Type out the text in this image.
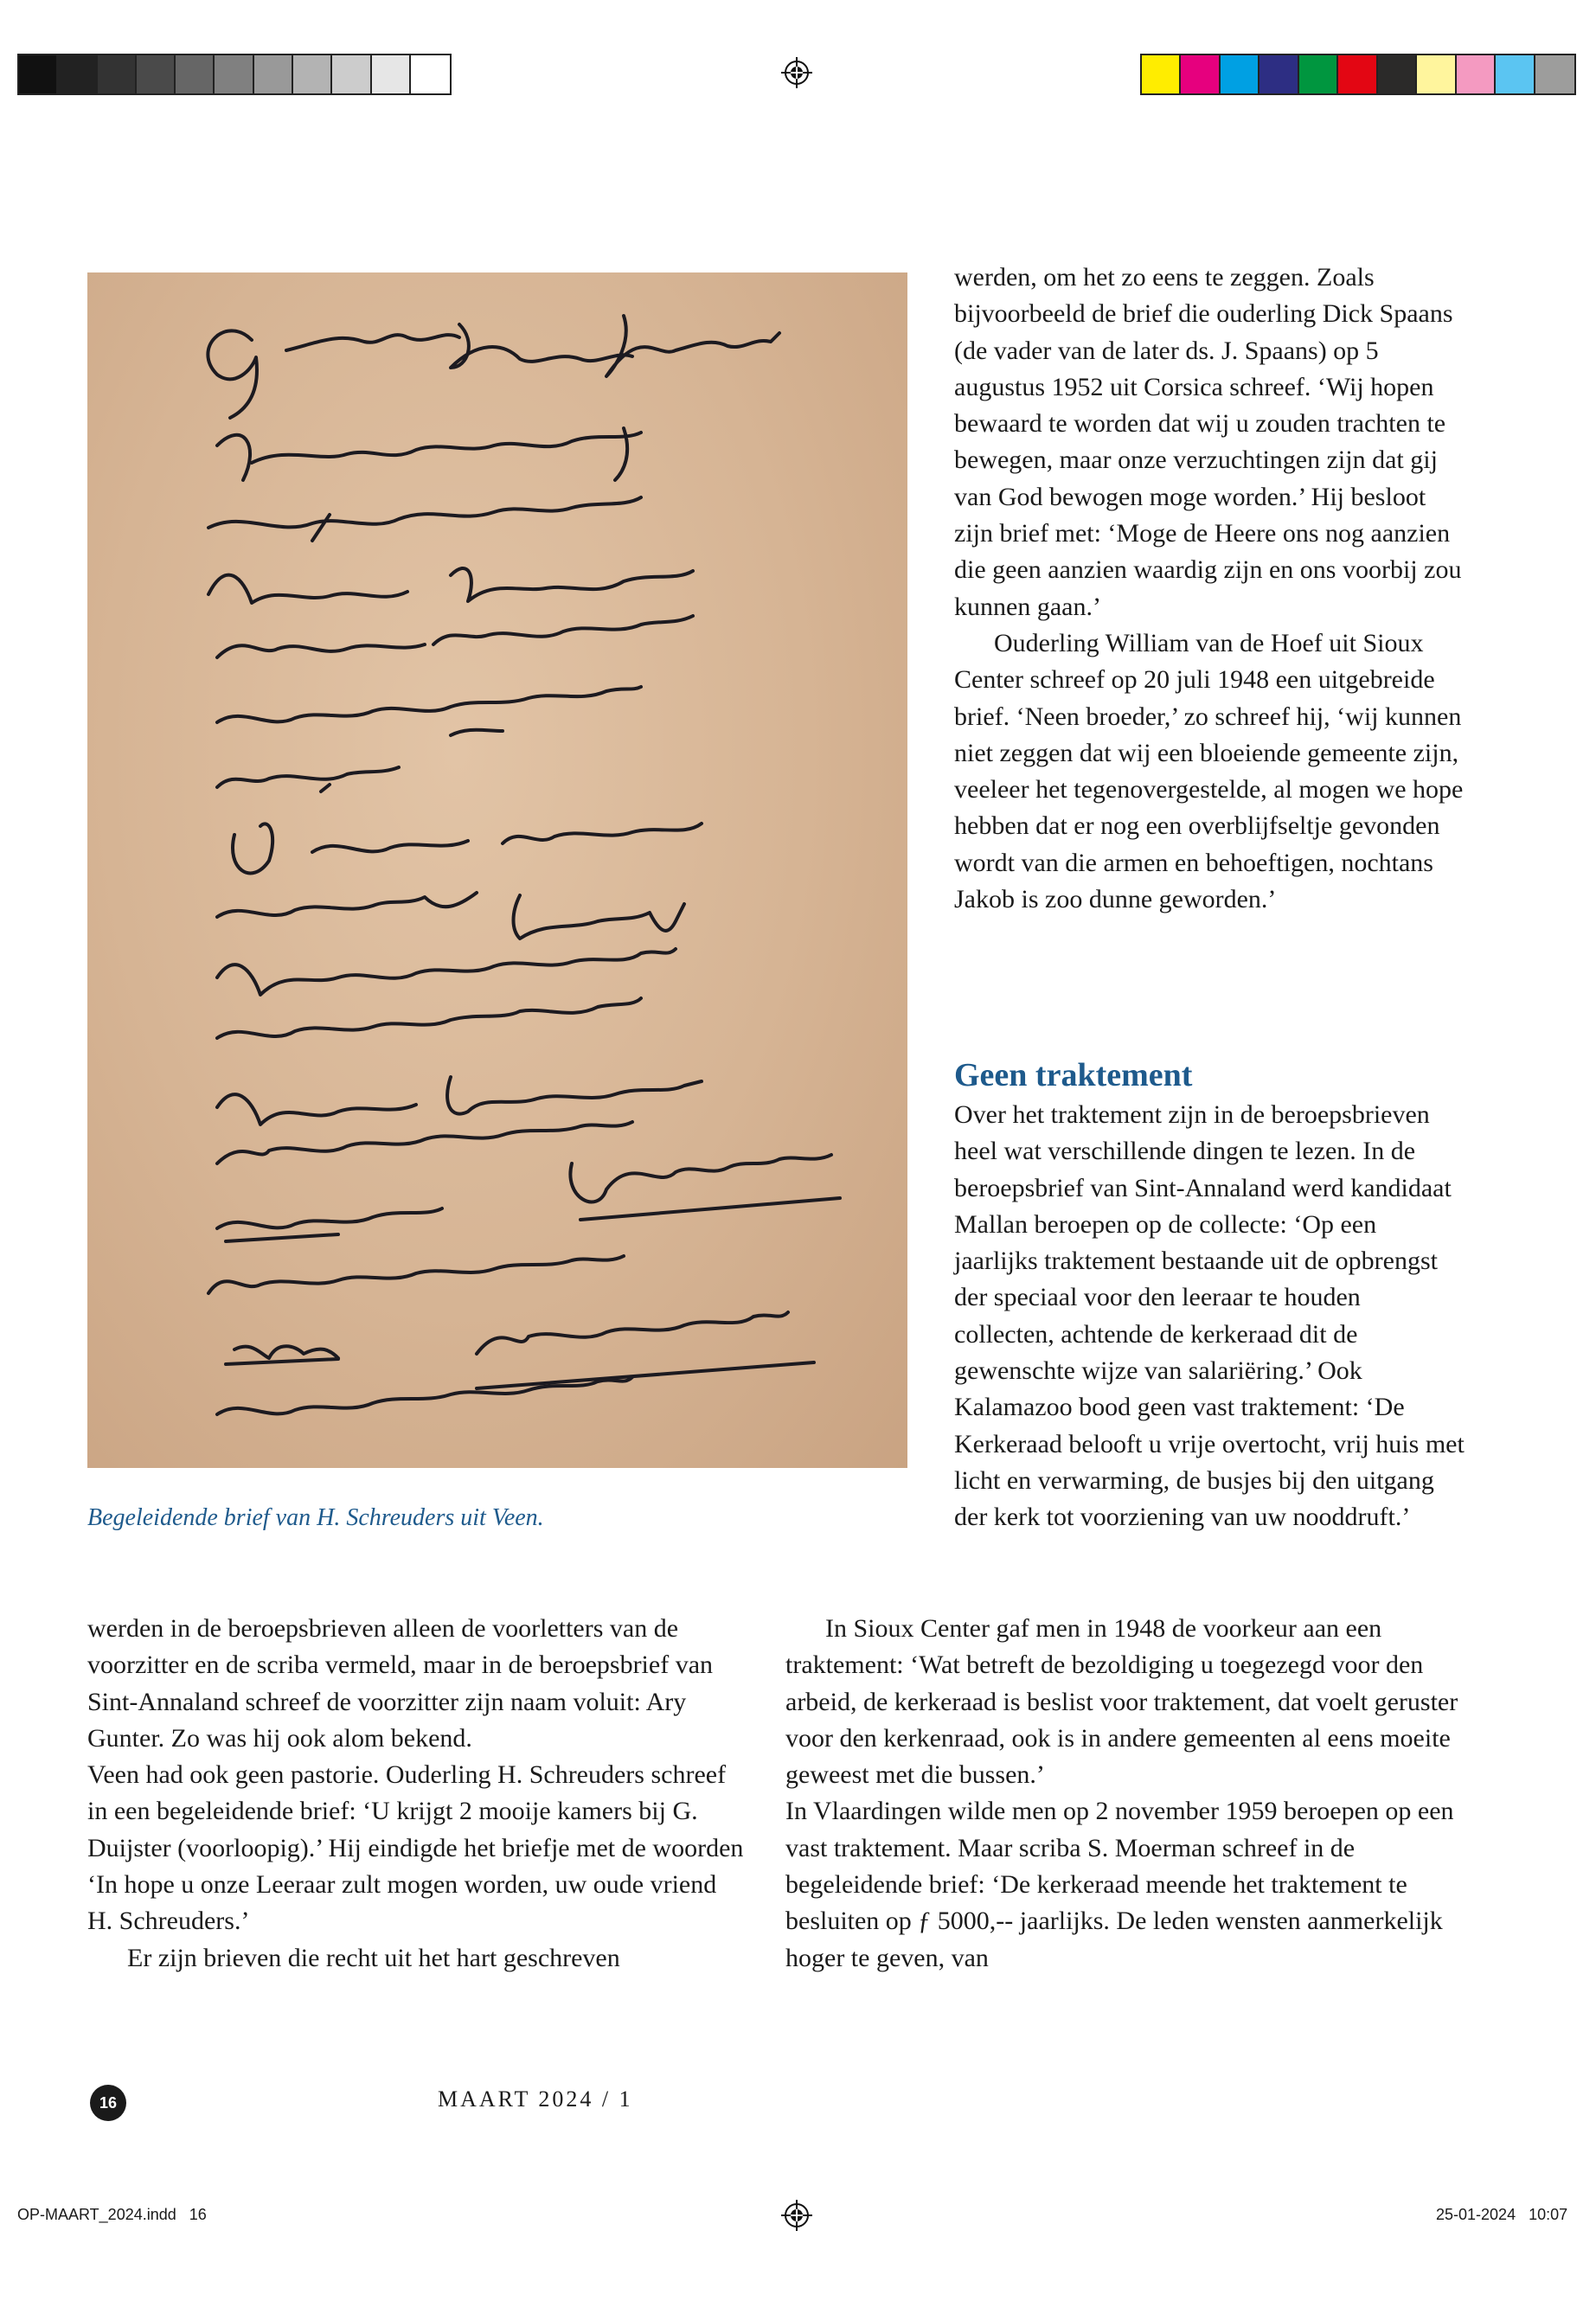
Begeleidende brief van H. Schreuders uit Veen.

werden, om het zo eens te zeggen. Zoals bijvoorbeeld de brief die ouderling Dick Spaans (de vader van de later ds. J. Spaans) op 5 augustus 1952 uit Corsica schreef. ‘Wij hopen bewaard te worden dat wij u zouden trachten te bewegen, maar onze verzuchtingen zijn dat gij van God bewogen moge worden.’ Hij besloot zijn brief met: ‘Moge de Heere ons nog aanzien die geen aanzien waardig zijn en ons voorbij zou kunnen gaan.’

Ouderling William van de Hoef uit Sioux Center schreef op 20 juli 1948 een uitgebreide brief. ‘Neen broeder,’ zo schreef hij, ‘wij kunnen niet zeggen dat wij een bloeiende gemeente zijn, veeleer het tegenovergestelde, al mogen we hope hebben dat er nog een overblijfseltje gevonden wordt van die armen en behoeftigen, nochtans Jakob is zoo dunne geworden.’

Geen traktement

Over het traktement zijn in de beroepsbrieven heel wat verschillende dingen te lezen. In de beroepsbrief van Sint-Annaland werd kandidaat Mallan beroepen op de collecte: ‘Op een jaarlijks traktement bestaande uit de opbrengst der speciaal voor den leeraar te houden collecten, achtende de kerkeraad dit de gewenschte wijze van salariëring.’ Ook Kalamazoo bood geen vast traktement: ‘De Kerkeraad belooft u vrije overtocht, vrij huis met licht en verwarming, de busjes bij den uitgang der kerk tot voorziening van uw nooddruft.’

werden in de beroepsbrieven alleen de voorletters van de voorzitter en de scriba vermeld, maar in de beroepsbrief van Sint-Annaland schreef de voorzitter zijn naam voluit: Ary Gunter. Zo was hij ook alom bekend.

Veen had ook geen pastorie. Ouderling H. Schreuders schreef in een begeleidende brief: ‘U krijgt 2 mooije kamers bij G. Duijster (voorloopig).’ Hij eindigde het briefje met de woorden ‘In hope u onze Leeraar zult mogen worden, uw oude vriend H. Schreuders.’

Er zijn brieven die recht uit het hart geschreven

In Sioux Center gaf men in 1948 de voorkeur aan een traktement: ‘Wat betreft de bezoldiging u toegezegd voor den arbeid, de kerkeraad is beslist voor traktement, dat voelt geruster voor den kerkenraad, ook is in andere gemeenten al eens moeite geweest met die bussen.’

In Vlaardingen wilde men op 2 november 1959 beroepen op een vast traktement. Maar scriba S. Moerman schreef in de begeleidende brief: ‘De kerkeraad meende het traktement te besluiten op ƒ 5000,-- jaarlijks. De leden wensten aanmerkelijk hoger te geven, van

16	MAART 2024 / 1
OP-MAART_2024.indd   16	25-01-2024   10:07
